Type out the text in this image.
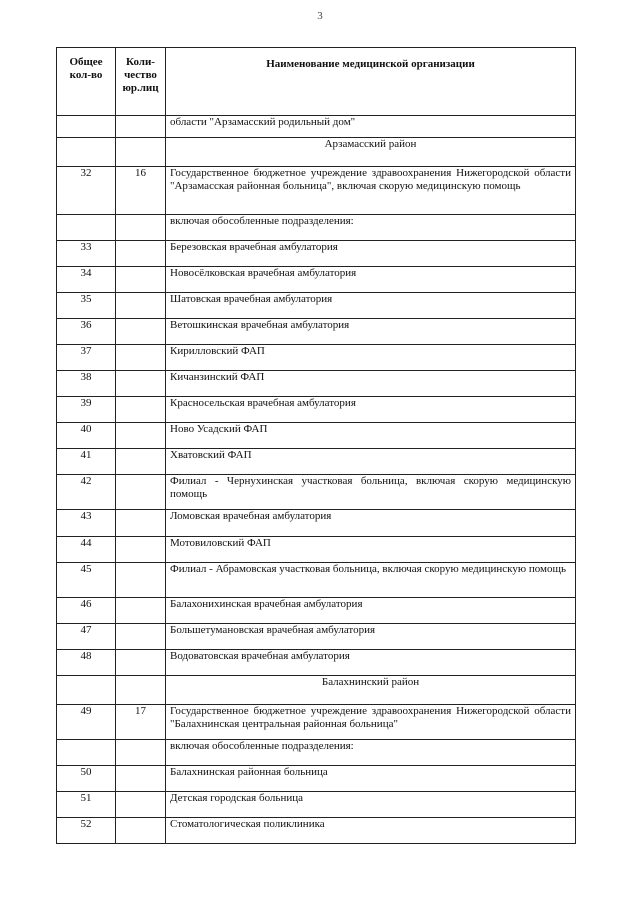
3
Общее кол-во	Коли-чество юр.лиц	Наименование медицинской организации
		области "Арзамасский родильный дом"
		Арзамасский район
32	16	Государственное бюджетное учреждение здравоохранения Нижегородской области "Арзамасская районная больница", включая скорую медицинскую помощь
		включая обособленные подразделения:
33		Березовская врачебная амбулатория
34		Новосёлковская врачебная амбулатория
35		Шатовская врачебная амбулатория
36		Ветошкинская врачебная амбулатория
37		Кирилловский ФАП
38		Кичанзинский ФАП
39		Красносельская врачебная амбулатория
40		Ново Усадский ФАП
41		Хватовский ФАП
42		Филиал - Чернухинская участковая больница, включая скорую медицинскую помощь
43		Ломовская врачебная амбулатория
44		Мотовиловский ФАП
45		Филиал - Абрамовская участковая больница, включая скорую медицинскую помощь
46		Балахонихинская врачебная амбулатория
47		Большетумановская врачебная амбулатория
48		Водоватовская врачебная амбулатория
		Балахнинский район
49	17	Государственное бюджетное учреждение здравоохранения Нижегородской области "Балахнинская центральная районная больница"
		включая обособленные подразделения:
50		Балахнинская районная больница
51		Детская городская больница
52		Стоматологическая поликлиника
